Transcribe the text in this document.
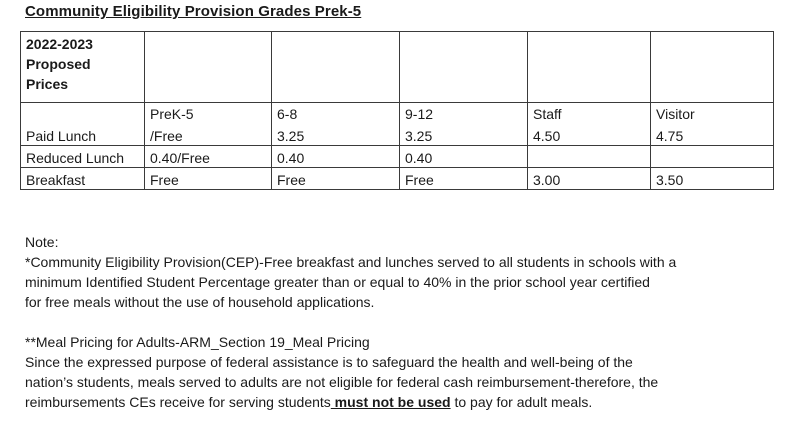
Community Eligibility Provision Grades Prek-5
2022-2023
Proposed
Prices					

	PreK-5	6-8	9-12	Staff	Visitor
Paid Lunch	/Free	3.25	3.25	4.50	4.75
Reduced Lunch	0.40/Free	0.40	0.40		
Breakfast	Free	Free	Free	3.00	3.50

Note:

*Community Eligibility Provision(CEP)-Free breakfast and lunches served to all students in schools with a

minimum Identified Student Percentage greater than or equal to 40% in the prior school year certified

for free meals without the use of household applications.

**Meal Pricing for Adults-ARM_Section 19_Meal Pricing

Since the expressed purpose of federal assistance is to safeguard the health and well-being of the

nation’s students, meals served to adults are not eligible for federal cash reimbursement-therefore, the

reimbursements CEs receive for serving students must not be used to pay for adult meals.
